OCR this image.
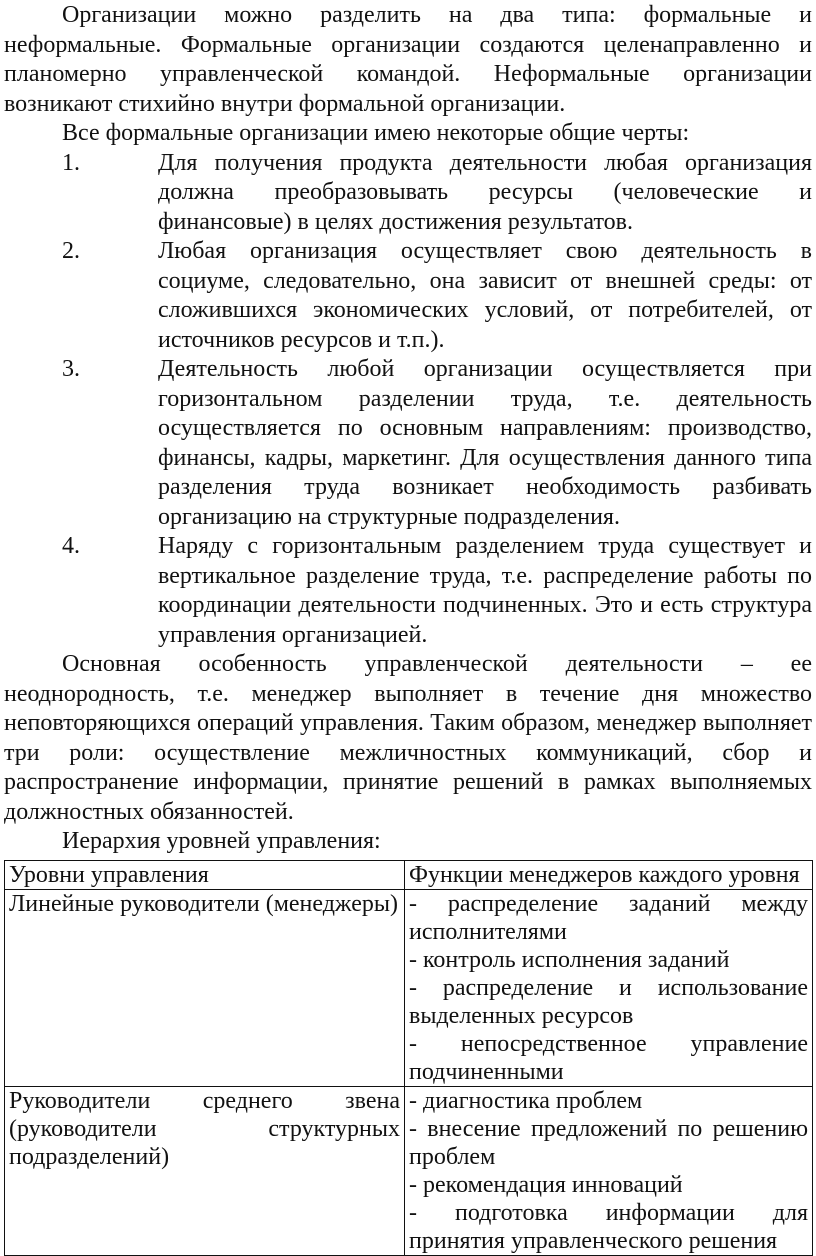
Организации можно разделить на два типа: формальные и неформальные. Формальные организации создаются целенаправленно и планомерно управленческой командой. Неформальные организации возникают стихийно внутри формальной организации.

Все формальные организации имею некоторые общие черты:

1.	Для получения продукта деятельности любая организация должна преобразовывать ресурсы (человеческие и финансовые) в целях достижения результатов.
2.	Любая организация осуществляет свою деятельность в социуме, следовательно, она зависит от внешней среды: от сложившихся экономических условий, от потребителей, от источников ресурсов и т.п.).
3.	Деятельность любой организации осуществляется при горизонтальном разделении труда, т.е. деятельность осуществляется по основным направлениям: производство, финансы, кадры, маркетинг. Для осуществления данного типа разделения труда возникает необходимость разбивать организацию на структурные подразделения.
4.	Наряду с горизонтальным разделением труда существует и вертикальное разделение труда, т.е. распределение работы по координации деятельности подчиненных. Это и есть структура управления организацией.

Основная особенность управленческой деятельности – ее неоднородность, т.е. менеджер выполняет в течение дня множество неповторяющихся операций управления. Таким образом, менеджер выполняет три роли: осуществление межличностных коммуникаций, сбор и распространение информации, принятие решений в рамках выполняемых должностных обязанностей.

Иерархия уровней управления:

Уровни управления	Функции менеджеров каждого уровня
Линейные руководители (менеджеры)	- распределение заданий между исполнителями
- контроль исполнения заданий
- распределение и использование выделенных ресурсов
- непосредственное управление подчиненными

Руководители среднего звена (руководители структурных подразделений)	- диагностика проблем
- внесение предложений по решению проблем
- рекомендация инноваций
- подготовка информации для принятия управленческого решения
